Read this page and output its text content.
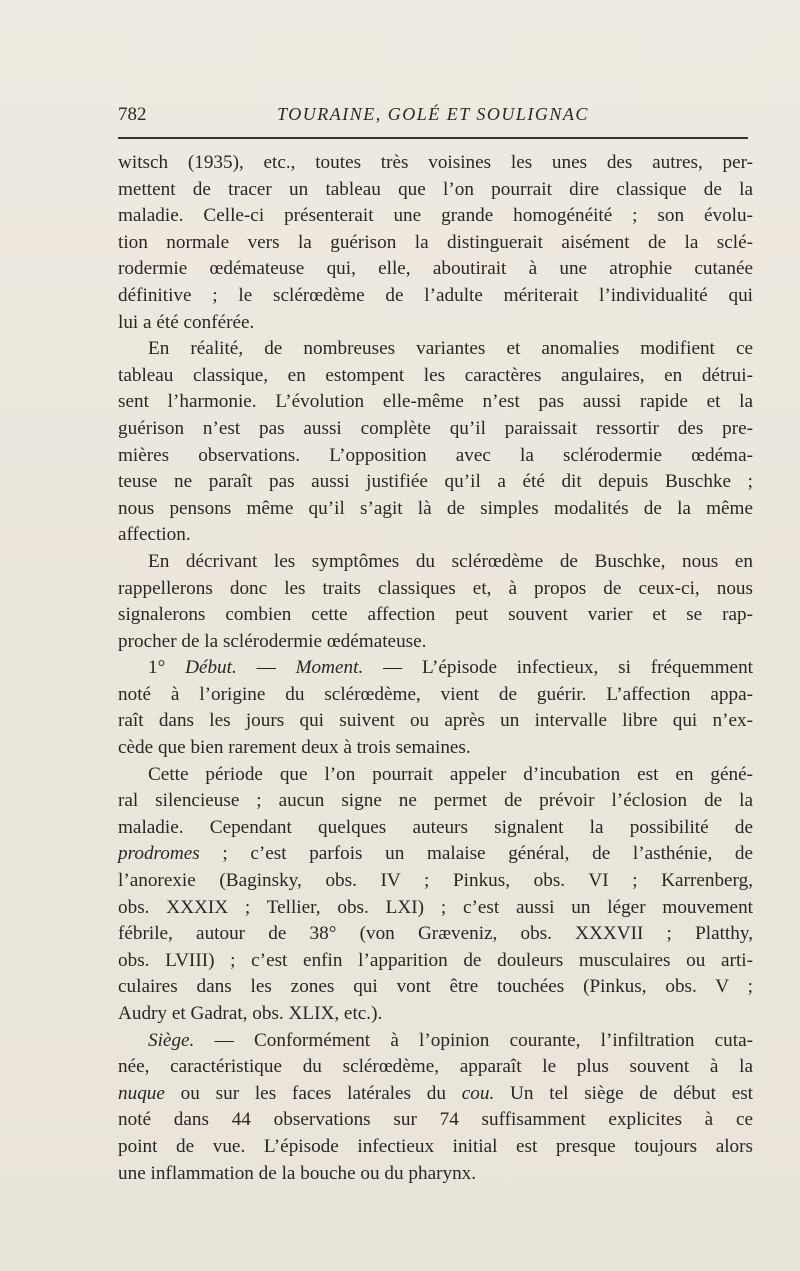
782	TOURAINE, GOLÉ ET SOULIGNAC
witsch (1935), etc., toutes très voisines les unes des autres, per-
mettent de tracer un tableau que l’on pourrait dire classique de la
maladie. Celle-ci présenterait une grande homogénéité ; son évolu-
tion normale vers la guérison la distinguerait aisément de la sclé-
rodermie œdémateuse qui, elle, aboutirait à une atrophie cutanée
définitive ; le sclérœdème de l’adulte mériterait l’individualité qui
lui a été conférée.
En réalité, de nombreuses variantes et anomalies modifient ce
tableau classique, en estompent les caractères angulaires, en détrui-
sent l’harmonie. L’évolution elle-même n’est pas aussi rapide et la
guérison n’est pas aussi complète qu’il paraissait ressortir des pre-
mières observations. L’opposition avec la sclérodermie œdéma-
teuse ne paraît pas aussi justifiée qu’il a été dit depuis Buschke ;
nous pensons même qu’il s’agit là de simples modalités de la même
affection.
En décrivant les symptômes du sclérœdème de Buschke, nous en
rappellerons donc les traits classiques et, à propos de ceux-ci, nous
signalerons combien cette affection peut souvent varier et se rap-
procher de la sclérodermie œdémateuse.
1° Début. — Moment. — L’épisode infectieux, si fréquemment
noté à l’origine du sclérœdème, vient de guérir. L’affection appa-
raît dans les jours qui suivent ou après un intervalle libre qui n’ex-
cède que bien rarement deux à trois semaines.
Cette période que l’on pourrait appeler d’incubation est en géné-
ral silencieuse ; aucun signe ne permet de prévoir l’éclosion de la
maladie. Cependant quelques auteurs signalent la possibilité de
prodromes ; c’est parfois un malaise général, de l’asthénie, de
l’anorexie (Baginsky, obs. IV ; Pinkus, obs. VI ; Karrenberg,
obs. XXXIX ; Tellier, obs. LXI) ; c’est aussi un léger mouvement
fébrile, autour de 38° (von Græveniz, obs. XXXVII ; Platthy,
obs. LVIII) ; c’est enfin l’apparition de douleurs musculaires ou arti-
culaires dans les zones qui vont être touchées (Pinkus, obs. V ;
Audry et Gadrat, obs. XLIX, etc.).
Siège. — Conformément à l’opinion courante, l’infiltration cuta-
née, caractéristique du sclérœdème, apparaît le plus souvent à la
nuque ou sur les faces latérales du cou. Un tel siège de début est
noté dans 44 observations sur 74 suffisamment explicites à ce
point de vue. L’épisode infectieux initial est presque toujours alors
une inflammation de la bouche ou du pharynx.
